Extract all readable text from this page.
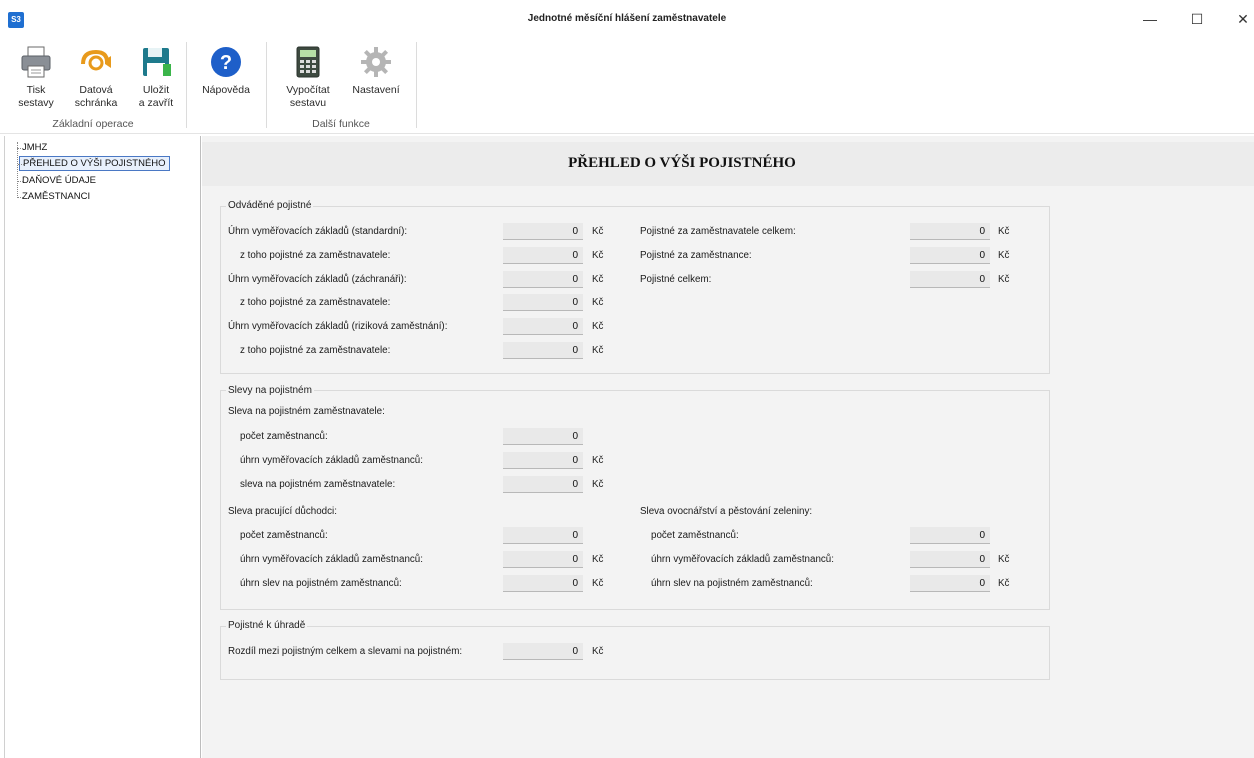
S3	Jednotné měsíční hlášení zaměstnavatele	—	☐	✕
Tisk
sestavy
Datová
schránka
Uložit
a zavřít
?
Nápověda	Vypočítat
sestavu
Nastavení
Základní operace	Další funkce
JMHZ
PŘEHLED O VÝŠI POJISTNÉHO
DAŇOVÉ ÚDAJE
ZAMĚSTNANCI
PŘEHLED O VÝŠI POJISTNÉHO
Odváděné pojistné
Úhrn vyměřovacích základů (standardní):	0	Kč
z toho pojistné za zaměstnavatele:	0	Kč
Úhrn vyměřovacích základů (záchranáři):	0	Kč
z toho pojistné za zaměstnavatele:	0	Kč
Úhrn vyměřovacích základů (riziková zaměstnání):	0	Kč
z toho pojistné za zaměstnavatele:	0	Kč
Pojistné za zaměstnavatele celkem:	0	Kč
Pojistné za zaměstnance:	0	Kč
Pojistné celkem:	0	Kč
Slevy na pojistném
Sleva na pojistném zaměstnavatele:
počet zaměstnanců:	0
úhrn vyměřovacích základů zaměstnanců:	0	Kč
sleva na pojistném zaměstnavatele:	0	Kč
Sleva pracující důchodci:
počet zaměstnanců:	0
úhrn vyměřovacích základů zaměstnanců:	0	Kč
úhrn slev na pojistném zaměstnanců:	0	Kč
Sleva ovocnářství a pěstování zeleniny:
počet zaměstnanců:	0
úhrn vyměřovacích základů zaměstnanců:	0	Kč
úhrn slev na pojistném zaměstnanců:	0	Kč
Pojistné k úhradě
Rozdíl mezi pojistným celkem a slevami na pojistném:	0	Kč
